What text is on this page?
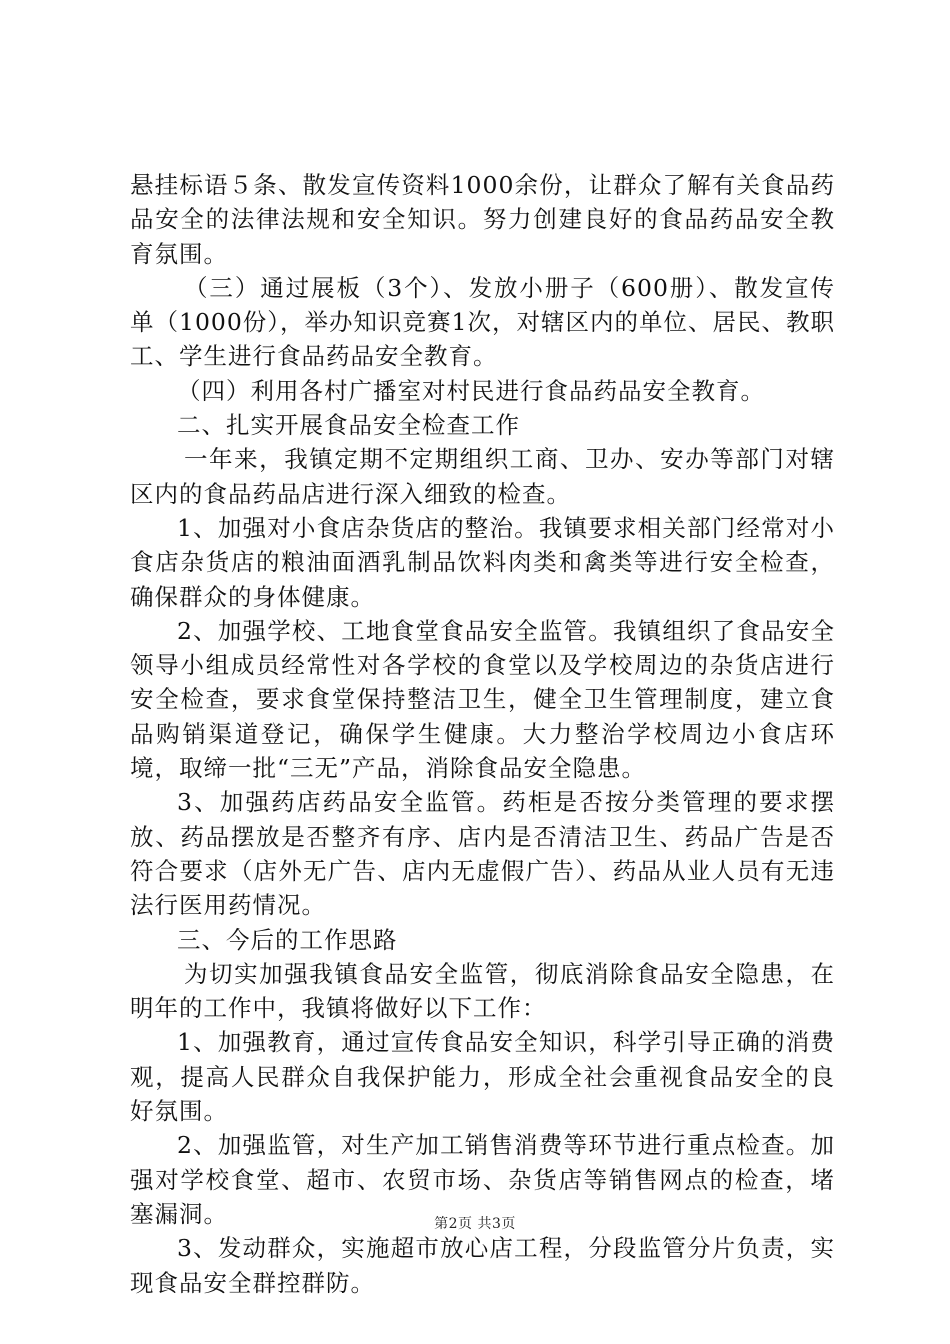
悬挂标语５条、散发宣传资料1000余份，让群众了解有关食品药品安全的法律法规和安全知识。努力创建良好的食品药品安全教育氛围。

（三）通过展板（3个）、发放小册子（600册）、散发宣传单（1000份），举办知识竞赛1次，对辖区内的单位、居民、教职工、学生进行食品药品安全教育。

（四）利用各村广播室对村民进行食品药品安全教育。

二、扎实开展食品安全检查工作

一年来，我镇定期不定期组织工商、卫办、安办等部门对辖区内的食品药品店进行深入细致的检查。

1、加强对小食店杂货店的整治。我镇要求相关部门经常对小食店杂货店的粮油面酒乳制品饮料肉类和禽类等进行安全检查，确保群众的身体健康。

2、加强学校、工地食堂食品安全监管。我镇组织了食品安全领导小组成员经常性对各学校的食堂以及学校周边的杂货店进行安全检查，要求食堂保持整洁卫生，健全卫生管理制度，建立食品购销渠道登记，确保学生健康。大力整治学校周边小食店环境，取缔一批“三无”产品，消除食品安全隐患。

3、加强药店药品安全监管。药柜是否按分类管理的要求摆放、药品摆放是否整齐有序、店内是否清洁卫生、药品广告是否符合要求（店外无广告、店内无虚假广告）、药品从业人员有无违法行医用药情况。

三、今后的工作思路

为切实加强我镇食品安全监管，彻底消除食品安全隐患，在明年的工作中，我镇将做好以下工作：

1、加强教育，通过宣传食品安全知识，科学引导正确的消费观，提高人民群众自我保护能力，形成全社会重视食品安全的良好氛围。

2、加强监管，对生产加工销售消费等环节进行重点检查。加强对学校食堂、超市、农贸市场、杂货店等销售网点的检查，堵塞漏洞。

3、发动群众，实施超市放心店工程，分段监管分片负责，实现食品安全群控群防。

第2页 共3页
